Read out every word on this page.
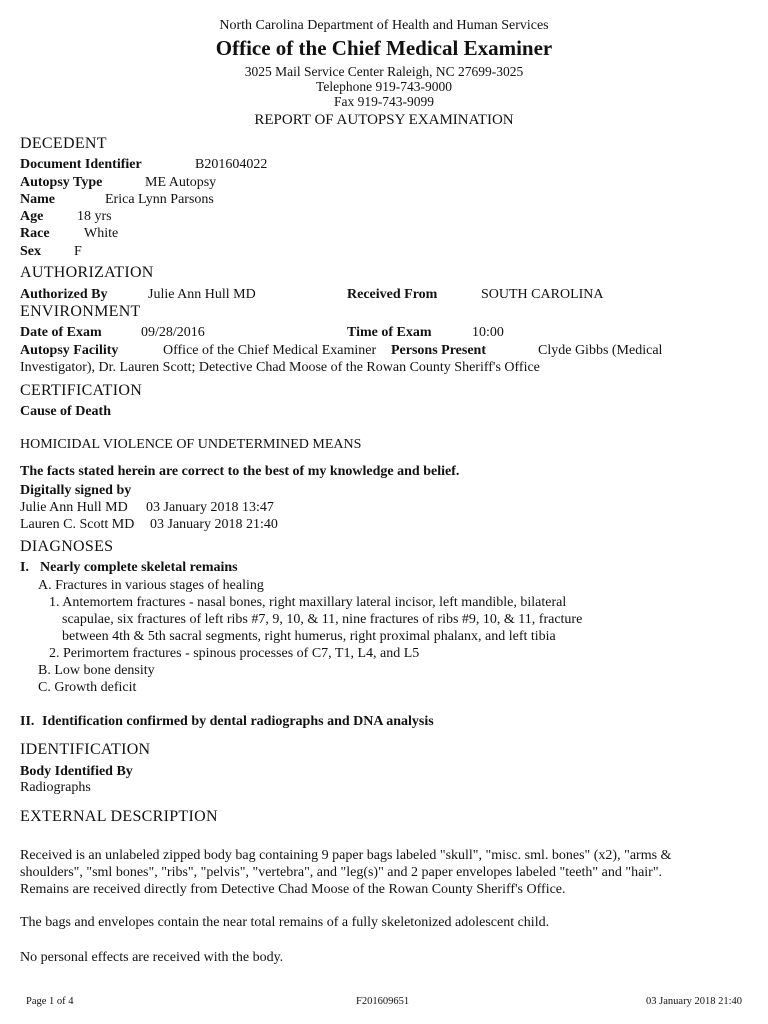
North Carolina Department of Health and Human Services
Office of the Chief Medical Examiner
3025 Mail Service Center Raleigh, NC 27699-3025
Telephone 919-743-9000
Fax 919-743-9099
REPORT OF AUTOPSY EXAMINATION
DECEDENT
Document Identifier	B201604022
Autopsy Type	ME Autopsy
Name	Erica Lynn Parsons
Age 18 yrs
Race White
Sex F
AUTHORIZATION
Authorized By	Julie Ann Hull MD	Received From	SOUTH CAROLINA
ENVIRONMENT
Date of Exam	09/28/2016	Time of Exam	10:00
Autopsy Facility	Office of the Chief Medical Examiner Persons Present	Clyde Gibbs (Medical
Investigator), Dr. Lauren Scott; Detective Chad Moose of the Rowan County Sheriff's Office
CERTIFICATION
Cause of Death
HOMICIDAL VIOLENCE OF UNDETERMINED MEANS
The facts stated herein are correct to the best of my knowledge and belief.
Digitally signed by
Julie Ann Hull MD 03 January 2018 13:47
Lauren C. Scott MD 03 January 2018 21:40
DIAGNOSES
I. Nearly complete skeletal remains
A. Fractures in various stages of healing
1. Antemortem fractures - nasal bones, right maxillary lateral incisor, left mandible, bilateral
scapulae, six fractures of left ribs #7, 9, 10, & 11, nine fractures of ribs #9, 10, & 11, fracture
between 4th & 5th sacral segments, right humerus, right proximal phalanx, and left tibia
2. Perimortem fractures - spinous processes of C7, T1, L4, and L5
B. Low bone density
C. Growth deficit
II. Identification confirmed by dental radiographs and DNA analysis
IDENTIFICATION
Body Identified By
Radiographs
EXTERNAL DESCRIPTION
Received is an unlabeled zipped body bag containing 9 paper bags labeled "skull", "misc. sml. bones" (x2), "arms &
shoulders", "sml bones", "ribs", "pelvis", "vertebra", and "leg(s)" and 2 paper envelopes labeled "teeth" and "hair".
Remains are received directly from Detective Chad Moose of the Rowan County Sheriff's Office.
The bags and envelopes contain the near total remains of a fully skeletonized adolescent child.
No personal effects are received with the body.
Page 1 of 4	F201609651	03 January 2018 21:40
